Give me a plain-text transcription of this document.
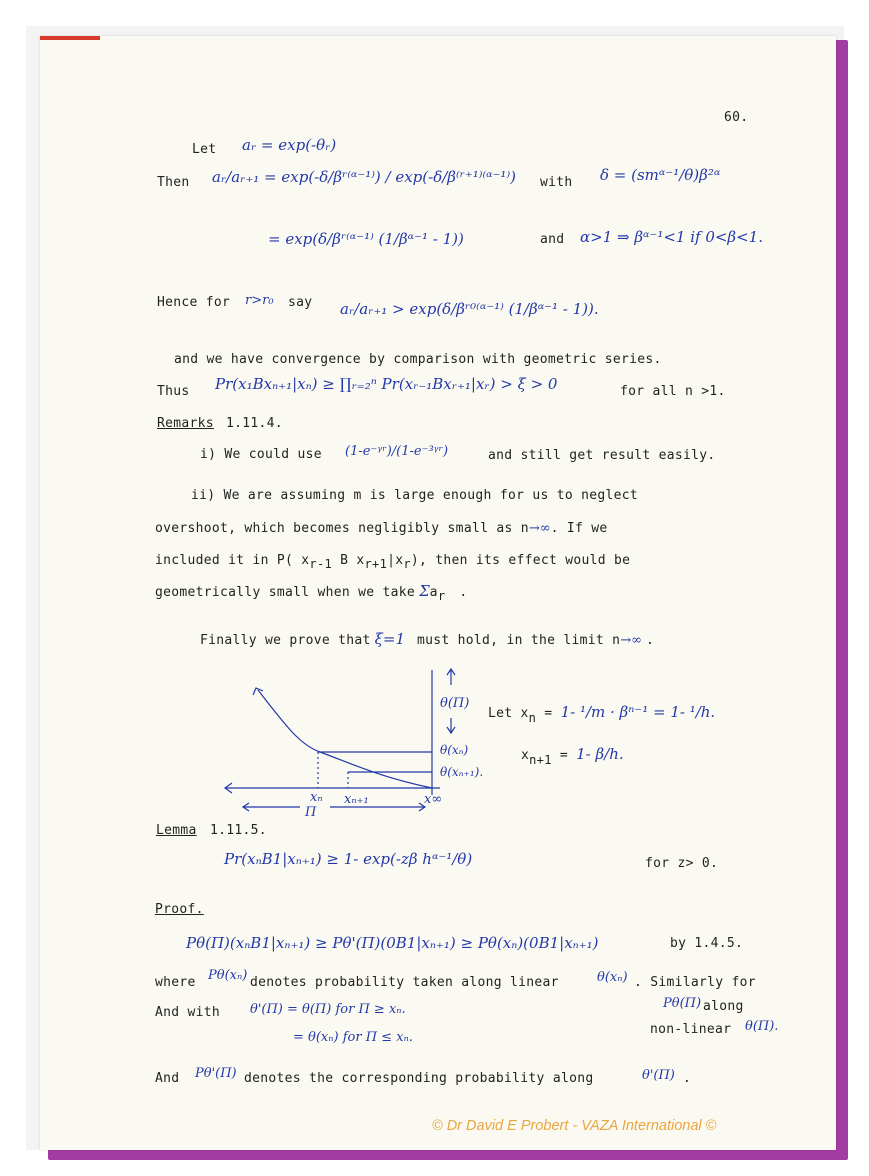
60.
Let aᵣ = exp(-θᵣ)
Then aᵣ/aᵣ₊₁ = exp(-δ/βʳ⁽ᵅ⁻¹⁾) / exp(-δ/β⁽ʳ⁺¹⁾⁽ᵅ⁻¹⁾) with δ = (smᵅ⁻¹/θ)β²ᵅ
= exp(δ/βʳ⁽ᵅ⁻¹⁾ (1/βᵅ⁻¹ - 1))	and α>1 ⇒ βᵅ⁻¹<1 if 0<β<1.
Hence for r>r₀ say aᵣ/aᵣ₊₁ > exp(δ/βʳ⁰⁽ᵅ⁻¹⁾ (1/βᵅ⁻¹ - 1)).
and we have convergence by comparison with geometric series.
Thus Pr(x₁Bxₙ₊₁|xₙ) ≥ ∏ᵣ₌₂ⁿ Pr(xᵣ₋₁Bxᵣ₊₁|xᵣ) > ξ > 0	for all n >1.
Remarks 1.11.4.
i) We could use (1-e⁻ᵞʳ)/(1-e⁻³ᵞʳ)	and still get result easily.
ii) We are assuming m is large enough for us to neglect
overshoot, which becomes negligibly small as n→∞. If we
included it in P( $x_{r-1}$ B $x_{r+1}|x_r$), then its effect would be
geometrically small when we take $\Sigma a_r$ .
Finally we prove that ξ=1 must hold, in the limit n→∞ .
θ(Π)
θ(xₙ)
θ(xₙ₊₁).
xₙ xₙ₊₁
Π
x∞
Let $x_n = 1-$ ¹/m · βⁿ⁻¹ = 1- ¹/h.
$x_{n+1} = 1-$ β/h.
Lemma 1.11.5.
Pr(xₙB1|xₙ₊₁) ≥ 1- exp(-zβ hᵅ⁻¹/θ)	for z> 0.
Proof.
Pθ(Π)(xₙB1|xₙ₊₁) ≥ Pθ'(Π)(0B1|xₙ₊₁) ≥ Pθ(xₙ)(0B1|xₙ₊₁)	by 1.4.5.
where Pθ(xₙ) denotes probability taken along linear	θ(xₙ) . Similarly for
And with θ'(Π) = θ(Π) for Π ≥ xₙ.
= θ(xₙ) for Π ≤ xₙ.
Pθ(Π) along
non-linear θ(Π).
And Pθ'(Π) denotes the corresponding probability along	θ'(Π) .
© Dr David E Probert - VAZA International ©
